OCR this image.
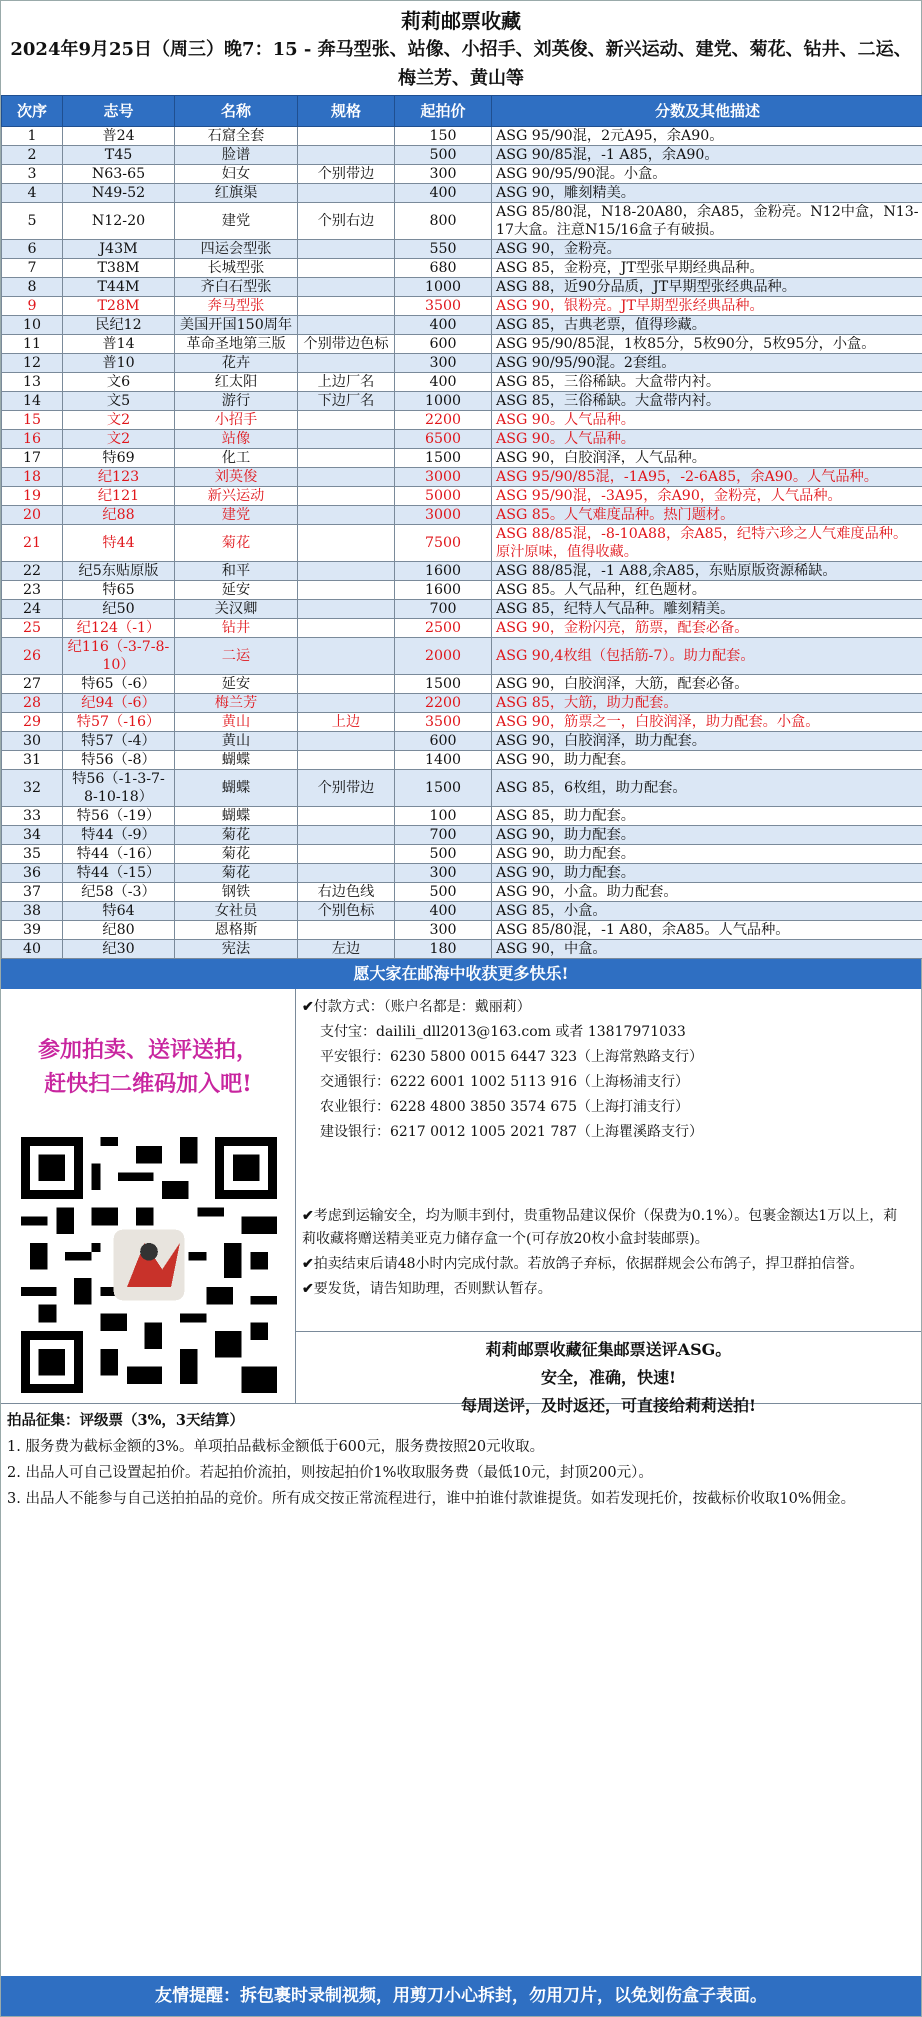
莉莉邮票收藏
2024年9月25日（周三）晚7：15 - 奔马型张、站像、小招手、刘英俊、新兴运动、建党、菊花、钻井、二运、梅兰芳、黄山等
次序	志号	名称	规格	起拍价	分数及其他描述
1	普24	石窟全套		150	ASG 95/90混，2元A95，余A90。
2	T45	脸谱		500	ASG 90/85混，-1 A85，余A90。
3	N63-65	妇女	个别带边	300	ASG 90/95/90混。小盒。
4	N49-52	红旗渠		400	ASG 90，雕刻精美。
5	N12-20	建党	个别右边	800	ASG 85/80混，N18-20A80，余A85，金粉亮。N12中盒，N13-17大盒。注意N15/16盒子有破损。
6	J43M	四运会型张		550	ASG 90，金粉亮。
7	T38M	长城型张		680	ASG 85，金粉亮，JT型张早期经典品种。
8	T44M	齐白石型张		1000	ASG 88，近90分品质，JT早期型张经典品种。
9	T28M	奔马型张		3500	ASG 90，银粉亮。JT早期型张经典品种。
10	民纪12	美国开国150周年		400	ASG 85，古典老票，值得珍藏。
11	普14	革命圣地第三版	个别带边色标	600	ASG 95/90/85混，1枚85分，5枚90分，5枚95分，小盒。
12	普10	花卉		300	ASG 90/95/90混。2套组。
13	文6	红太阳	上边厂名	400	ASG 85，三俗稀缺。大盒带内衬。
14	文5	游行	下边厂名	1000	ASG 85，三俗稀缺。大盒带内衬。
15	文2	小招手		2200	ASG 90。人气品种。
16	文2	站像		6500	ASG 90。人气品种。
17	特69	化工		1500	ASG 90，白胶润泽，人气品种。
18	纪123	刘英俊		3000	ASG 95/90/85混，-1A95，-2-6A85，余A90。人气品种。
19	纪121	新兴运动		5000	ASG 95/90混，-3A95，余A90，金粉亮，人气品种。
20	纪88	建党		3000	ASG 85。人气难度品种。热门题材。
21	特44	菊花		7500	ASG 88/85混，-8-10A88，余A85，纪特六珍之人气难度品种。原汁原味，值得收藏。
22	纪5东贴原版	和平		1600	ASG 88/85混，-1 A88,余A85，东贴原版资源稀缺。
23	特65	延安		1600	ASG 85。人气品种，红色题材。
24	纪50	关汉卿		700	ASG 85，纪特人气品种。雕刻精美。
25	纪124（-1）	钻井		2500	ASG 90，金粉闪亮，筋票，配套必备。
26	纪116（-3-7-8-10）	二运		2000	ASG 90,4枚组（包括筋-7）。助力配套。
27	特65（-6）	延安		1500	ASG 90，白胶润泽，大筋，配套必备。
28	纪94（-6）	梅兰芳		2200	ASG 85，大筋，助力配套。
29	特57（-16）	黄山	上边	3500	ASG 90，筋票之一，白胶润泽，助力配套。小盒。
30	特57（-4）	黄山		600	ASG 90，白胶润泽，助力配套。
31	特56（-8）	蝴蝶		1400	ASG 90，助力配套。
32	特56（-1-3-7-8-10-18）	蝴蝶	个别带边	1500	ASG 85，6枚组，助力配套。
33	特56（-19）	蝴蝶		100	ASG 85，助力配套。
34	特44（-9）	菊花		700	ASG 90，助力配套。
35	特44（-16）	菊花		500	ASG 90，助力配套。
36	特44（-15）	菊花		300	ASG 90，助力配套。
37	纪58（-3）	钢铁	右边色线	500	ASG 90，小盒。助力配套。
38	特64	女社员	个别色标	400	ASG 85，小盒。
39	纪80	恩格斯		300	ASG 85/80混，-1 A80，余A85。人气品种。
40	纪30	宪法	左边	180	ASG 90，中盒。
愿大家在邮海中收获更多快乐!
参加拍卖、送评送拍，
赶快扫二维码加入吧!
✔付款方式：（账户名都是：戴丽莉）
支付宝：dailili_dll2013@163.com 或者 13817971033
平安银行：6230 5800 0015 6447 323（上海常熟路支行）
交通银行：6222 6001 1002 5113 916（上海杨浦支行）
农业银行：6228 4800 3850 3574 675（上海打浦支行）
建设银行：6217 0012 1005 2021 787（上海瞿溪路支行）

✔考虑到运输安全，均为顺丰到付，贵重物品建议保价（保费为0.1%）。包裹金额达1万以上，莉莉收藏将赠送精美亚克力储存盒一个(可存放20枚小盒封装邮票)。

✔拍卖结束后请48小时内完成付款。若放鸽子弃标，依据群规会公布鸽子，捍卫群拍信誉。

✔要发货，请告知助理，否则默认暂存。

莉莉邮票收藏征集邮票送评ASG。
安全，准确，快速!
每周送评，及时返还，可直接给莉莉送拍!
拍品征集：评级票（3%，3天结算）
1. 服务费为截标金额的3%。单项拍品截标金额低于600元，服务费按照20元收取。
2. 出品人可自己设置起拍价。若起拍价流拍，则按起拍价1%收取服务费（最低10元，封顶200元）。
3. 出品人不能参与自己送拍拍品的竞价。所有成交按正常流程进行，谁中拍谁付款谁提货。如若发现托价，按截标价收取10%佣金。
友情提醒：拆包裹时录制视频，用剪刀小心拆封，勿用刀片，以免划伤盒子表面。
